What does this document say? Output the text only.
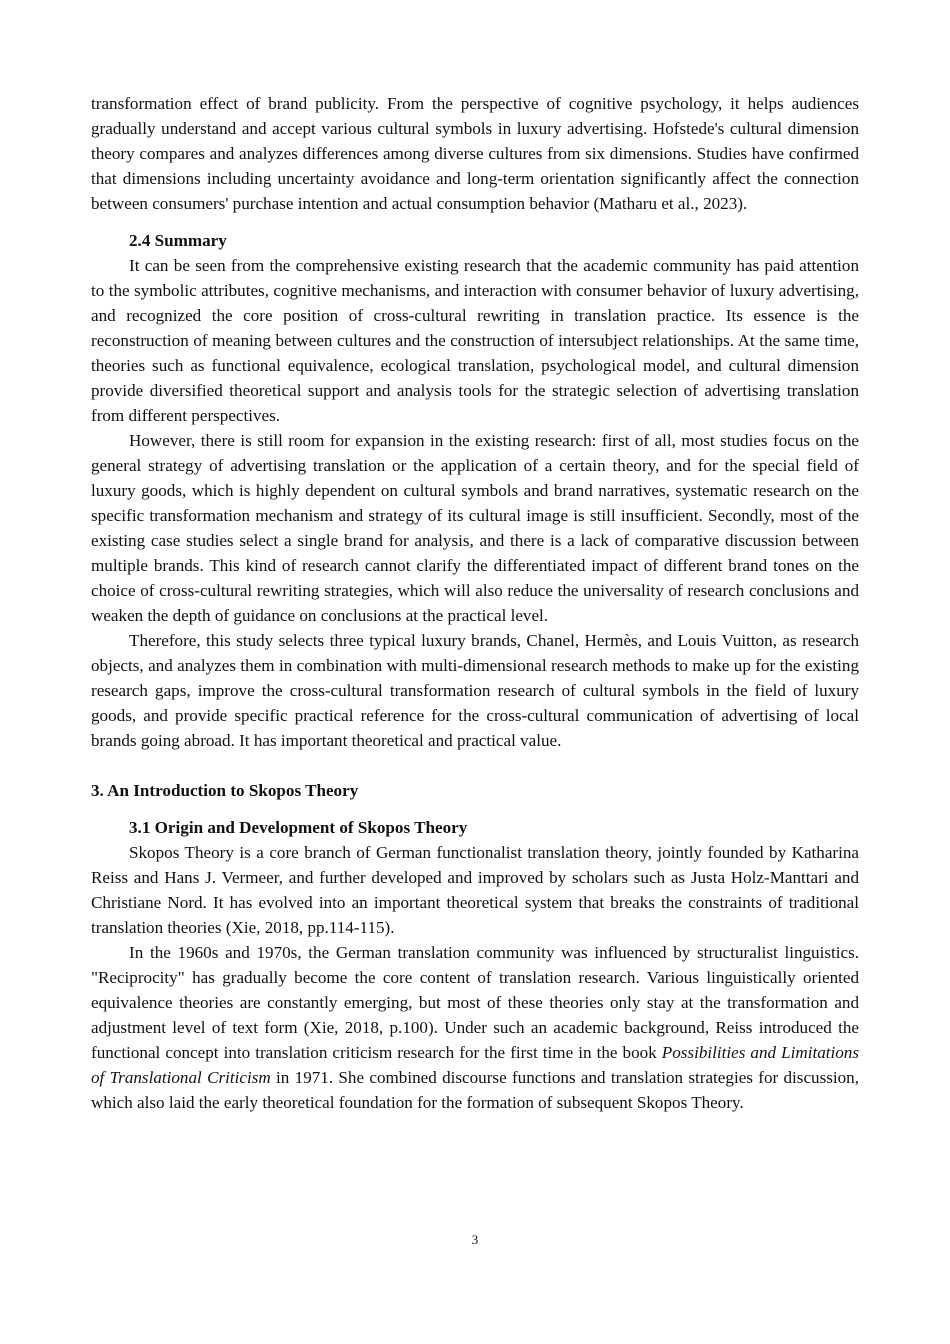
transformation effect of brand publicity. From the perspective of cognitive psychology, it helps audiences gradually understand and accept various cultural symbols in luxury advertising. Hofstede's cultural dimension theory compares and analyzes differences among diverse cultures from six dimensions. Studies have confirmed that dimensions including uncertainty avoidance and long-term orientation significantly affect the connection between consumers' purchase intention and actual consumption behavior (Matharu et al., 2023).

2.4 Summary

It can be seen from the comprehensive existing research that the academic community has paid attention to the symbolic attributes, cognitive mechanisms, and interaction with consumer behavior of luxury advertising, and recognized the core position of cross-cultural rewriting in translation practice. Its essence is the reconstruction of meaning between cultures and the construction of intersubject relationships. At the same time, theories such as functional equivalence, ecological translation, psychological model, and cultural dimension provide diversified theoretical support and analysis tools for the strategic selection of advertising translation from different perspectives.

However, there is still room for expansion in the existing research: first of all, most studies focus on the general strategy of advertising translation or the application of a certain theory, and for the special field of luxury goods, which is highly dependent on cultural symbols and brand narratives, systematic research on the specific transformation mechanism and strategy of its cultural image is still insufficient. Secondly, most of the existing case studies select a single brand for analysis, and there is a lack of comparative discussion between multiple brands. This kind of research cannot clarify the differentiated impact of different brand tones on the choice of cross-cultural rewriting strategies, which will also reduce the universality of research conclusions and weaken the depth of guidance on conclusions at the practical level.

Therefore, this study selects three typical luxury brands, Chanel, Hermès, and Louis Vuitton, as research objects, and analyzes them in combination with multi-dimensional research methods to make up for the existing research gaps, improve the cross-cultural transformation research of cultural symbols in the field of luxury goods, and provide specific practical reference for the cross-cultural communication of advertising of local brands going abroad. It has important theoretical and practical value.

3. An Introduction to Skopos Theory

3.1 Origin and Development of Skopos Theory

Skopos Theory is a core branch of German functionalist translation theory, jointly founded by Katharina Reiss and Hans J. Vermeer, and further developed and improved by scholars such as Justa Holz-Manttari and Christiane Nord. It has evolved into an important theoretical system that breaks the constraints of traditional translation theories (Xie, 2018, pp.114-115).

In the 1960s and 1970s, the German translation community was influenced by structuralist linguistics. "Reciprocity" has gradually become the core content of translation research. Various linguistically oriented equivalence theories are constantly emerging, but most of these theories only stay at the transformation and adjustment level of text form (Xie, 2018, p.100). Under such an academic background, Reiss introduced the functional concept into translation criticism research for the first time in the book Possibilities and Limitations of Translational Criticism in 1971. She combined discourse functions and translation strategies for discussion, which also laid the early theoretical foundation for the formation of subsequent Skopos Theory.

3
